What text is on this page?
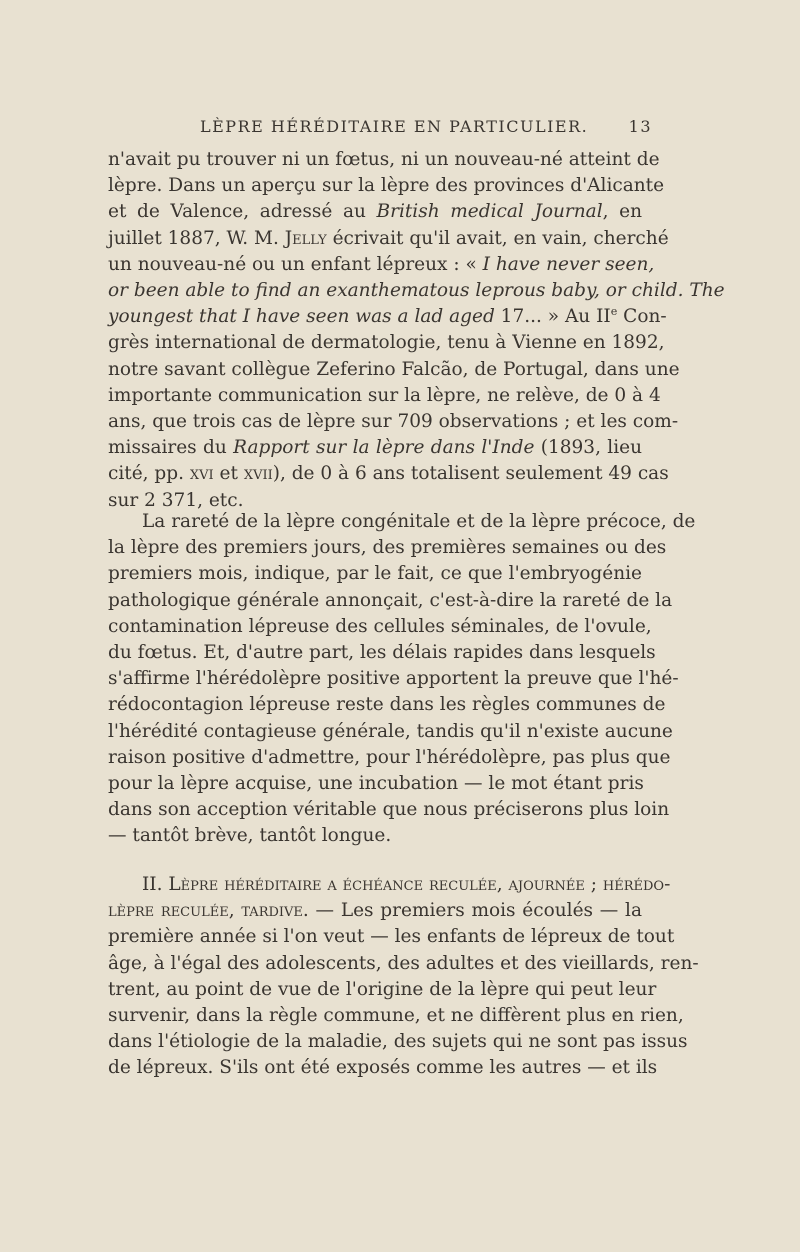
LÈPRE HÉRÉDITAIRE EN PARTICULIER.	13
n'avait pu trouver ni un fœtus, ni un nouveau-né atteint de
lèpre. Dans un aperçu sur la lèpre des provinces d'Alicante
et de Valence, adressé au British medical Journal, en
juillet 1887, W. M. Jelly écrivait qu'il avait, en vain, cherché
un nouveau-né ou un enfant lépreux : « I have never seen,
or been able to find an exanthematous leprous baby, or child. The
youngest that I have seen was a lad aged 17... » Au IIe Con-
grès international de dermatologie, tenu à Vienne en 1892,
notre savant collègue Zeferino Falcão, de Portugal, dans une
importante communication sur la lèpre, ne relève, de 0 à 4
ans, que trois cas de lèpre sur 709 observations ; et les com-
missaires du Rapport sur la lèpre dans l'Inde (1893, lieu
cité, pp. xvi et xvii), de 0 à 6 ans totalisent seulement 49 cas
sur 2 371, etc.
La rareté de la lèpre congénitale et de la lèpre précoce, de
la lèpre des premiers jours, des premières semaines ou des
premiers mois, indique, par le fait, ce que l'embryogénie
pathologique générale annonçait, c'est-à-dire la rareté de la
contamination lépreuse des cellules séminales, de l'ovule,
du fœtus. Et, d'autre part, les délais rapides dans lesquels
s'affirme l'hérédolèpre positive apportent la preuve que l'hé-
rédocontagion lépreuse reste dans les règles communes de
l'hérédité contagieuse générale, tandis qu'il n'existe aucune
raison positive d'admettre, pour l'hérédolèpre, pas plus que
pour la lèpre acquise, une incubation — le mot étant pris
dans son acception véritable que nous préciserons plus loin
— tantôt brève, tantôt longue.
II. Lèpre héréditaire a échéance reculée, ajournée ; hérédo-
lèpre reculée, tardive. — Les premiers mois écoulés — la
première année si l'on veut — les enfants de lépreux de tout
âge, à l'égal des adolescents, des adultes et des vieillards, ren-
trent, au point de vue de l'origine de la lèpre qui peut leur
survenir, dans la règle commune, et ne diffèrent plus en rien,
dans l'étiologie de la maladie, des sujets qui ne sont pas issus
de lépreux. S'ils ont été exposés comme les autres — et ils
